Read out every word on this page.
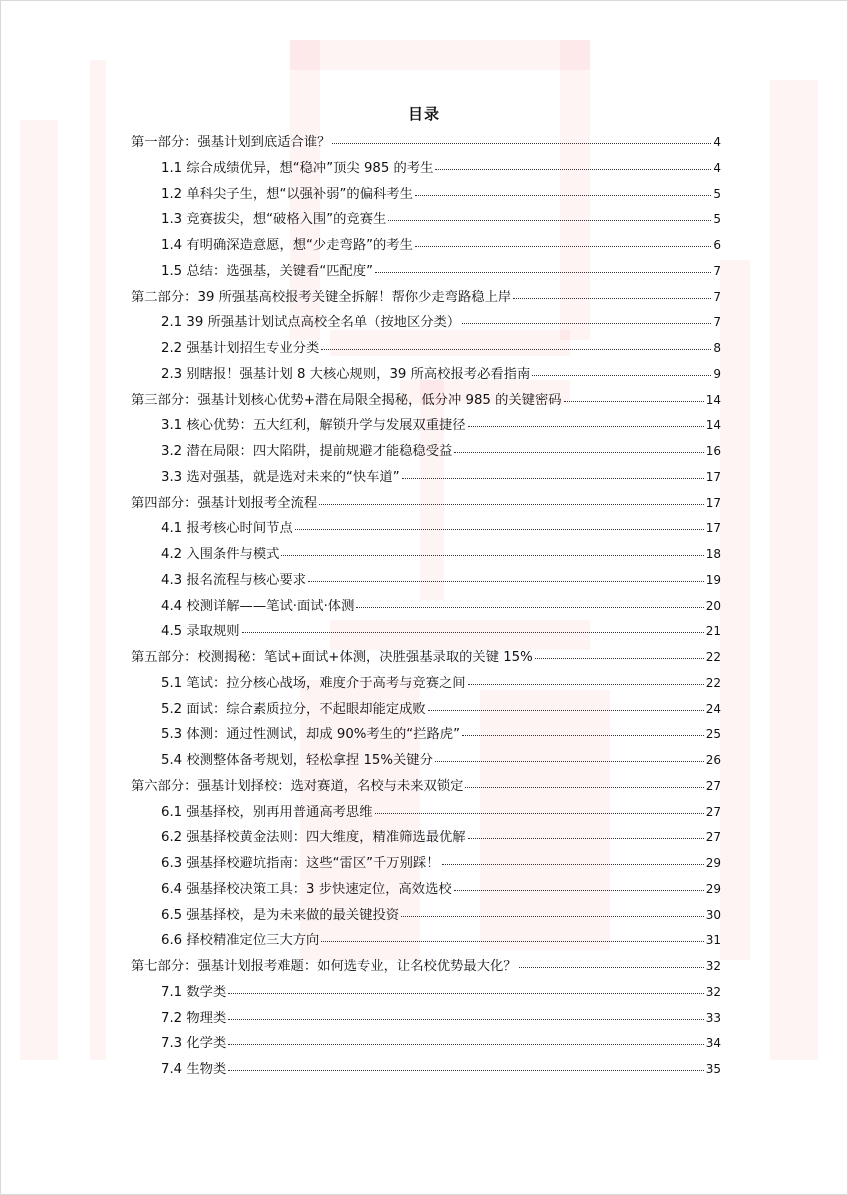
目录
第一部分：强基计划到底适合谁？	4
1.1 综合成绩优异，想“稳冲”顶尖 985 的考生	4
1.2 单科尖子生，想“以强补弱”的偏科考生	5
1.3 竞赛拔尖，想“破格入围”的竞赛生	5
1.4 有明确深造意愿，想“少走弯路”的考生	6
1.5 总结：选强基，关键看“匹配度”	7
第二部分：39 所强基高校报考关键全拆解！帮你少走弯路稳上岸	7
2.1 39 所强基计划试点高校全名单（按地区分类）	7
2.2 强基计划招生专业分类	8
2.3 别瞎报！强基计划 8 大核心规则，39 所高校报考必看指南	9
第三部分：强基计划核心优势+潜在局限全揭秘，低分冲 985 的关键密码	14
3.1 核心优势：五大红利，解锁升学与发展双重捷径	14
3.2 潜在局限：四大陷阱，提前规避才能稳稳受益	16
3.3 选对强基，就是选对未来的“快车道”	17
第四部分：强基计划报考全流程	17
4.1 报考核心时间节点	17
4.2 入围条件与模式	18
4.3 报名流程与核心要求	19
4.4 校测详解——笔试·面试·体测	20
4.5 录取规则	21
第五部分：校测揭秘：笔试+面试+体测，决胜强基录取的关键 15%	22
5.1 笔试：拉分核心战场，难度介于高考与竞赛之间	22
5.2 面试：综合素质拉分，不起眼却能定成败	24
5.3 体测：通过性测试，却成 90%考生的“拦路虎”	25
5.4 校测整体备考规划，轻松拿捏 15%关键分	26
第六部分：强基计划择校：选对赛道，名校与未来双锁定	27
6.1 强基择校，别再用普通高考思维	27
6.2 强基择校黄金法则：四大维度，精准筛选最优解	27
6.3 强基择校避坑指南：这些“雷区”千万别踩！	29
6.4 强基择校决策工具：3 步快速定位，高效选校	29
6.5 强基择校，是为未来做的最关键投资	30
6.6 择校精准定位三大方向	31
第七部分：强基计划报考难题：如何选专业，让名校优势最大化？	32
7.1 数学类	32
7.2 物理类	33
7.3 化学类	34
7.4 生物类	35
